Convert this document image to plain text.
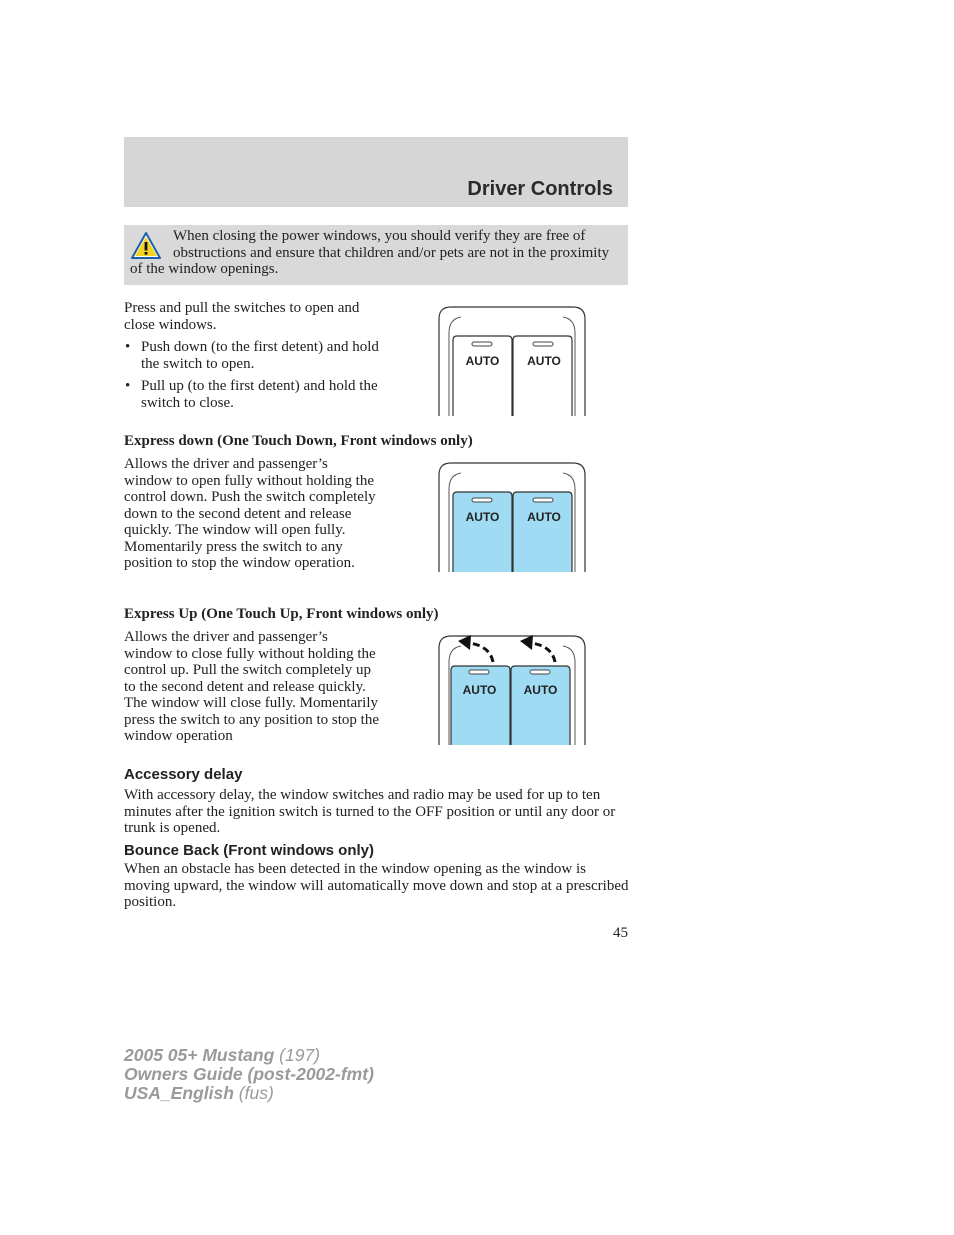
Driver Controls
When closing the power windows, you should verify they are free of obstructions and ensure that children and/or pets are not in the proximity of the window openings.
Press and pull the switches to open and close windows.
• Push down (to the first detent) and hold the switch to open.
• Pull up (to the first detent) and hold the switch to close.
AUTO AUTO
Express down (One Touch Down, Front windows only)
Allows the driver and passenger’s window to open fully without holding the control down. Push the switch completely down to the second detent and release quickly. The window will open fully. Momentarily press the switch to any position to stop the window operation.
AUTO AUTO
Express Up (One Touch Up, Front windows only)
Allows the driver and passenger’s window to close fully without holding the control up. Pull the switch completely up to the second detent and release quickly. The window will close fully. Momentarily press the switch to any position to stop the window operation
AUTO AUTO
Accessory delay
With accessory delay, the window switches and radio may be used for up to ten minutes after the ignition switch is turned to the OFF position or until any door or trunk is opened.
Bounce Back (Front windows only)
When an obstacle has been detected in the window opening as the window is moving upward, the window will automatically move down and stop at a prescribed position.
45
2005 05+ Mustang (197)
Owners Guide (post-2002-fmt)
USA_English (fus)
